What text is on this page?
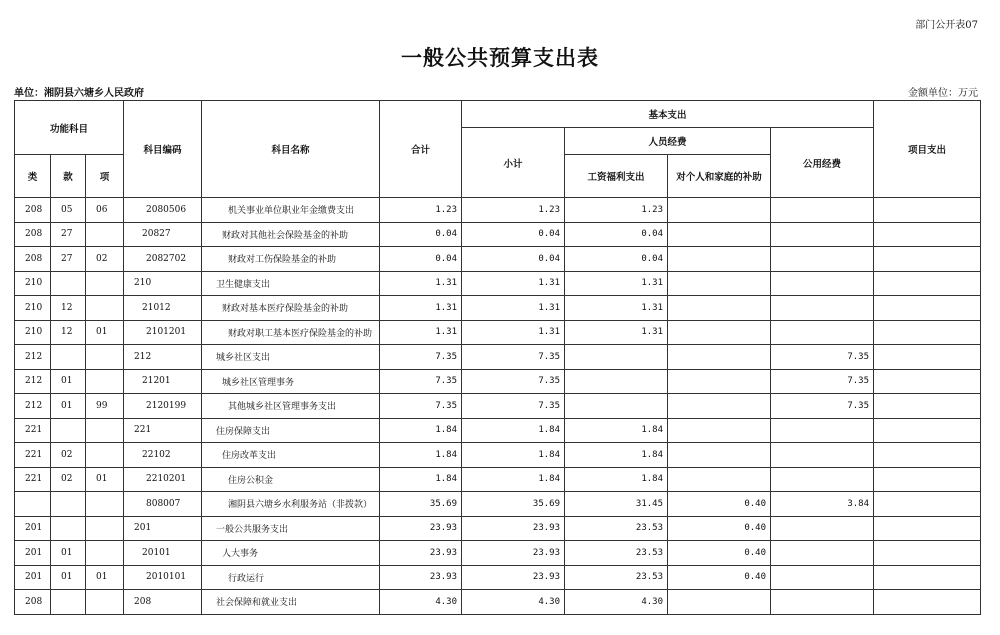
部门公开表07
一般公共预算支出表
单位：湘阴县六塘乡人民政府	金额单位：万元
功能科目			科目编码	科目名称	合计	基本支出				项目支出
						小计	人员经费		公用经费	
类	款	项					工资福利支出	对个人和家庭的补助		
208	05	06	2080506	机关事业单位职业年金缴费支出	1.23	1.23	1.23			
208	27		20827	财政对其他社会保险基金的补助	0.04	0.04	0.04			
208	27	02	2082702	财政对工伤保险基金的补助	0.04	0.04	0.04			
210			210	卫生健康支出	1.31	1.31	1.31			
210	12		21012	财政对基本医疗保险基金的补助	1.31	1.31	1.31			
210	12	01	2101201	财政对职工基本医疗保险基金的补助	1.31	1.31	1.31			
212			212	城乡社区支出	7.35	7.35			7.35	
212	01		21201	城乡社区管理事务	7.35	7.35			7.35	
212	01	99	2120199	其他城乡社区管理事务支出	7.35	7.35			7.35	
221			221	住房保障支出	1.84	1.84	1.84			
221	02		22102	住房改革支出	1.84	1.84	1.84			
221	02	01	2210201	住房公积金	1.84	1.84	1.84			
			808007	湘阴县六塘乡水利服务站（非拨款）	35.69	35.69	31.45	0.40	3.84	
201			201	一般公共服务支出	23.93	23.93	23.53	0.40		
201	01		20101	人大事务	23.93	23.93	23.53	0.40		
201	01	01	2010101	行政运行	23.93	23.93	23.53	0.40		
208			208	社会保障和就业支出	4.30	4.30	4.30			
